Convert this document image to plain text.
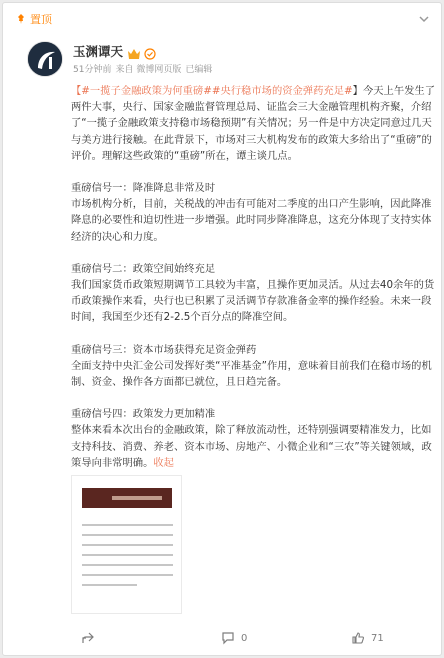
置顶
玉渊谭天
51分钟前 来自 微博网页版 已编辑

【#一揽子金融政策为何重磅##央行稳市场的资金弹药充足#】今天上午发生了两件大事，央行、国家金融监督管理总局、证监会三大金融管理机构齐聚，介绍了“一揽子金融政策支持稳市场稳预期”有关情况；另一件是中方决定同意过几天与美方进行接触。在此背景下，市场对三大机构发布的政策大多给出了“重磅”的评价。理解这些政策的“重磅”所在，谭主谈几点。

重磅信号一：降准降息非常及时

市场机构分析，目前，关税战的冲击有可能对二季度的出口产生影响，因此降准降息的必要性和迫切性进一步增强。此时同步降准降息，这充分体现了支持实体经济的决心和力度。

重磅信号二：政策空间始终充足

我们国家货币政策短期调节工具较为丰富，且操作更加灵活。从过去40余年的货币政策操作来看，央行也已积累了灵活调节存款准备金率的操作经验。未来一段时间，我国至少还有2-2.5个百分点的降准空间。

重磅信号三：资本市场获得充足资金弹药

全面支持中央汇金公司发挥好类“平准基金”作用，意味着目前我们在稳市场的机制、资金、操作各方面都已就位，且日趋完备。

重磅信号四：政策发力更加精准

整体来看本次出台的金融政策，除了释放流动性，还特别强调要精准发力，比如支持科技、消费、养老、资本市场、房地产、小微企业和“三农”等关键领域，政策导向非常明确。收起

0	71
